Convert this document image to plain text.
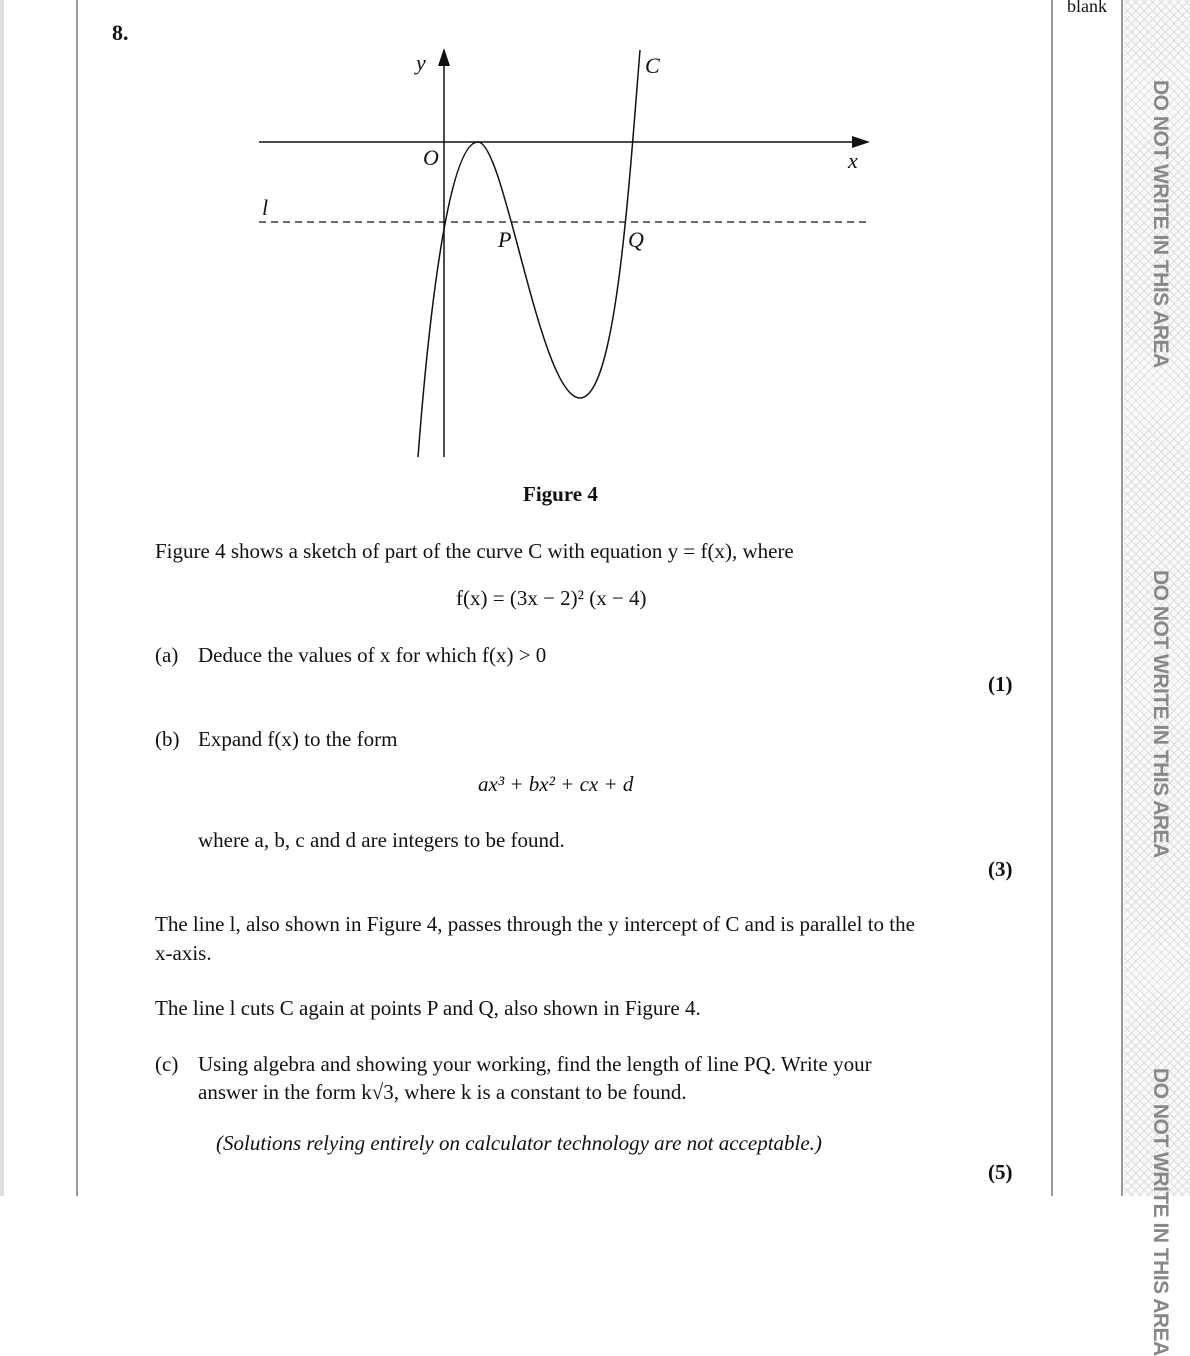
DO NOT WRITE IN THIS AREA
DO NOT WRITE IN THIS AREA
DO NOT WRITE IN THIS AREA
blank
8.
y
x
O
C
l
P	Q
Figure 4
Figure 4 shows a sketch of part of the curve C with equation y = f(x), where
f(x) = (3x − 2)² (x − 4)
(a) Deduce the values of x for which f(x) > 0
(1)
(b) Expand f(x) to the form
ax³ + bx² + cx + d
where a, b, c and d are integers to be found.
(3)
The line l, also shown in Figure 4, passes through the y intercept of C and is parallel to the
x-axis.
The line l cuts C again at points P and Q, also shown in Figure 4.
(c) Using algebra and showing your working, find the length of line PQ. Write your
answer in the form k√3, where k is a constant to be found.
(Solutions relying entirely on calculator technology are not acceptable.)
(5)
